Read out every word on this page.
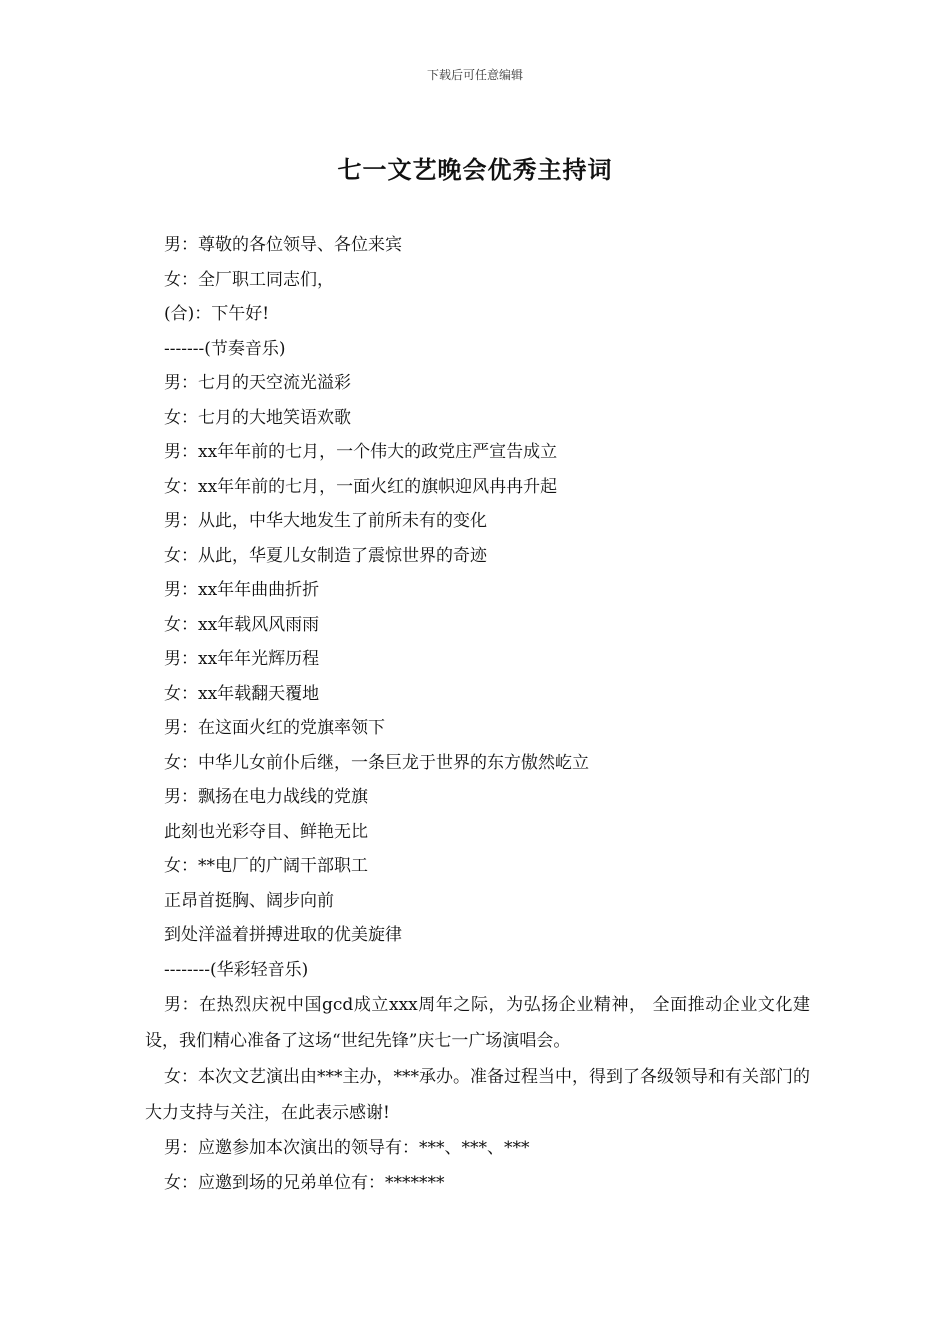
下载后可任意编辑
七一文艺晚会优秀主持词
男：尊敬的各位领导、各位来宾
女：全厂职工同志们，
(合)：下午好!
-------(节奏音乐)
男：七月的天空流光溢彩
女：七月的大地笑语欢歌
男：xx年年前的七月，一个伟大的政党庄严宣告成立
女：xx年年前的七月，一面火红的旗帜迎风冉冉升起
男：从此，中华大地发生了前所未有的变化
女：从此，华夏儿女制造了震惊世界的奇迹
男：xx年年曲曲折折
女：xx年载风风雨雨
男：xx年年光辉历程
女：xx年载翻天覆地
男：在这面火红的党旗率领下
女：中华儿女前仆后继，一条巨龙于世界的东方傲然屹立
男：飘扬在电力战线的党旗
此刻也光彩夺目、鲜艳无比
女：**电厂的广阔干部职工
正昂首挺胸、阔步向前
到处洋溢着拼搏进取的优美旋律
--------(华彩轻音乐)
男：在热烈庆祝中国gcd成立xxx周年之际，为弘扬企业精神， 全面推动企业文化建设，我们精心准备了这场“世纪先锋”庆七一广场演唱会。
女：本次文艺演出由***主办，***承办。准备过程当中，得到了各级领导和有关部门的大力支持与关注，在此表示感谢!
男：应邀参加本次演出的领导有：***、***、***
女：应邀到场的兄弟单位有：*******
